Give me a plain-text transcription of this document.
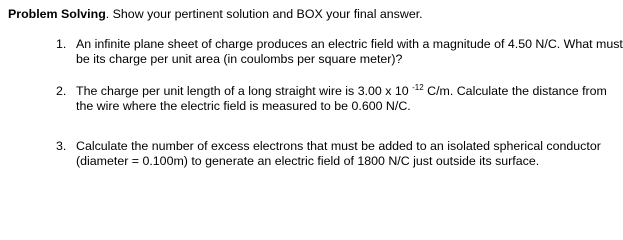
Problem Solving. Show your pertinent solution and BOX your final answer.
1. An infinite plane sheet of charge produces an electric field with a magnitude of 4.50 N/C. What must be its charge per unit area (in coulombs per square meter)?
2. The charge per unit length of a long straight wire is 3.00 x 10 $^{-12}$ C/m. Calculate the distance from the wire where the electric field is measured to be 0.600 N/C.
3. Calculate the number of excess electrons that must be added to an isolated spherical conductor (diameter = 0.100m) to generate an electric field of 1800 N/C just outside its surface.
